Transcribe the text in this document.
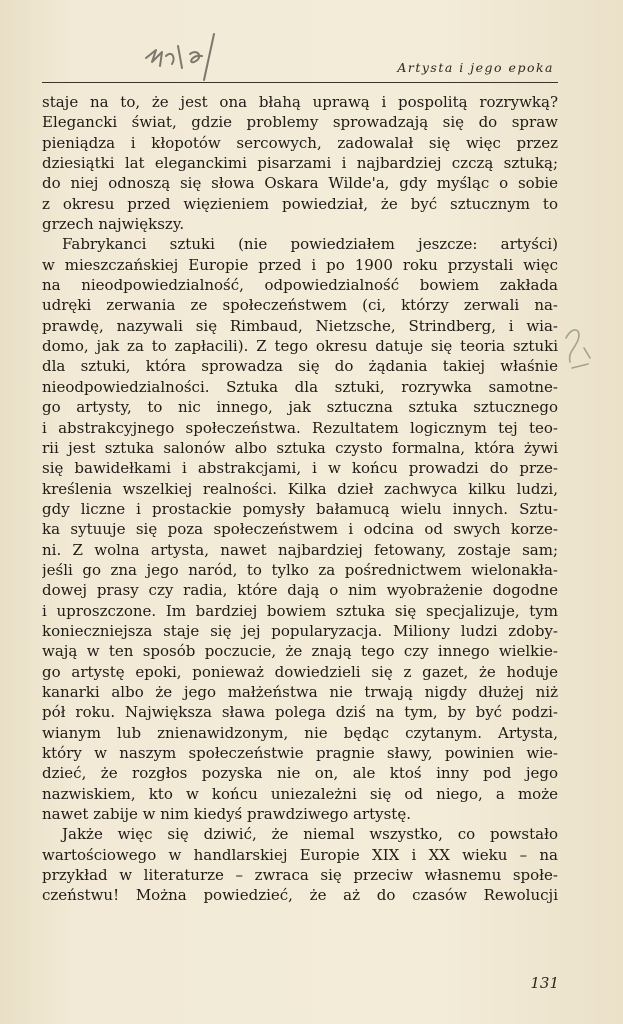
Artysta i jego epoka

staje na to, że jest ona błahą uprawą i pospolitą rozrywką?
Elegancki świat, gdzie problemy sprowadzają się do spraw
pieniądza i kłopotów sercowych, zadowalał się więc przez
dziesiątki lat eleganckimi pisarzami i najbardziej czczą sztuką;
do niej odnoszą się słowa Oskara Wilde'a, gdy myśląc o sobie
z okresu przed więzieniem powiedział, że być sztucznym to
grzech największy.

Fabrykanci sztuki (nie powiedziałem jeszcze: artyści)
w mieszczańskiej Europie przed i po 1900 roku przystali więc
na nieodpowiedzialność, odpowiedzialność bowiem zakłada
udręki zerwania ze społeczeństwem (ci, którzy zerwali na-
prawdę, nazywali się Rimbaud, Nietzsche, Strindberg, i wia-
domo, jak za to zapłacili). Z tego okresu datuje się teoria sztuki
dla sztuki, która sprowadza się do żądania takiej właśnie
nieodpowiedzialności. Sztuka dla sztuki, rozrywka samotne-
go artysty, to nic innego, jak sztuczna sztuka sztucznego
i abstrakcyjnego społeczeństwa. Rezultatem logicznym tej teo-
rii jest sztuka salonów albo sztuka czysto formalna, która żywi
się bawidełkami i abstrakcjami, i w końcu prowadzi do prze-
kreślenia wszelkiej realności. Kilka dzieł zachwyca kilku ludzi,
gdy liczne i prostackie pomysły bałamucą wielu innych. Sztu-
ka sytuuje się poza społeczeństwem i odcina od swych korze-
ni. Z wolna artysta, nawet najbardziej fetowany, zostaje sam;
jeśli go zna jego naród, to tylko za pośrednictwem wielonakła-
dowej prasy czy radia, które dają o nim wyobrażenie dogodne
i uproszczone. Im bardziej bowiem sztuka się specjalizuje, tym
konieczniejsza staje się jej popularyzacja. Miliony ludzi zdoby-
wają w ten sposób poczucie, że znają tego czy innego wielkie-
go artystę epoki, ponieważ dowiedzieli się z gazet, że hoduje
kanarki albo że jego małżeństwa nie trwają nigdy dłużej niż
pół roku. Największa sława polega dziś na tym, by być podzi-
wianym lub znienawidzonym, nie będąc czytanym. Artysta,
który w naszym społeczeństwie pragnie sławy, powinien wie-
dzieć, że rozgłos pozyska nie on, ale ktoś inny pod jego
nazwiskiem, kto w końcu uniezależni się od niego, a może
nawet zabije w nim kiedyś prawdziwego artystę.

Jakże więc się dziwić, że niemal wszystko, co powstało
wartościowego w handlarskiej Europie XIX i XX wieku – na
przykład w literaturze – zwraca się przeciw własnemu społe-
czeństwu! Można powiedzieć, że aż do czasów Rewolucji

131
